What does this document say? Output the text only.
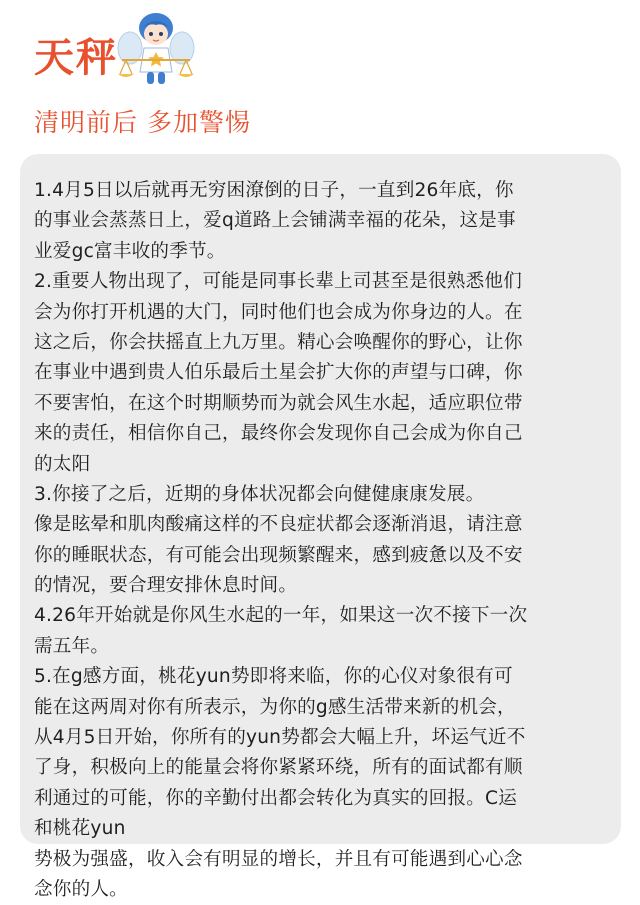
天秤
清明前后 多加警惕
1.4月5日以后就再无穷困潦倒的日子，一直到26年底，你
的事业会蒸蒸日上，爱q道路上会铺满幸福的花朵，这是事
业爱gc富丰收的季节。
2.重要人物出现了，可能是同事长辈上司甚至是很熟悉他们
会为你打开机遇的大门，同时他们也会成为你身边的人。在
这之后，你会扶摇直上九万里。精心会唤醒你的野心，让你
在事业中遇到贵人伯乐最后土星会扩大你的声望与口碑，你
不要害怕，在这个时期顺势而为就会风生水起，适应职位带
来的责任，相信你自己，最终你会发现你自己会成为你自己
的太阳
3.你接了之后，近期的身体状况都会向健健康康发展。
像是眩晕和肌肉酸痛这样的不良症状都会逐渐消退，请注意
你的睡眠状态，有可能会出现频繁醒来，感到疲惫以及不安
的情况，要合理安排休息时间。
4.26年开始就是你风生水起的一年，如果这一次不接下一次
需五年。
5.在g感方面，桃花yun势即将来临，你的心仪对象很有可
能在这两周对你有所表示，为你的g感生活带来新的机会，
从4月5日开始，你所有的yun势都会大幅上升，坏运气近不
了身，积极向上的能量会将你紧紧环绕，所有的面试都有顺
利通过的可能，你的辛勤付出都会转化为真实的回报。C运
和桃花yun
势极为强盛，收入会有明显的增长，并且有可能遇到心心念
念你的人。
